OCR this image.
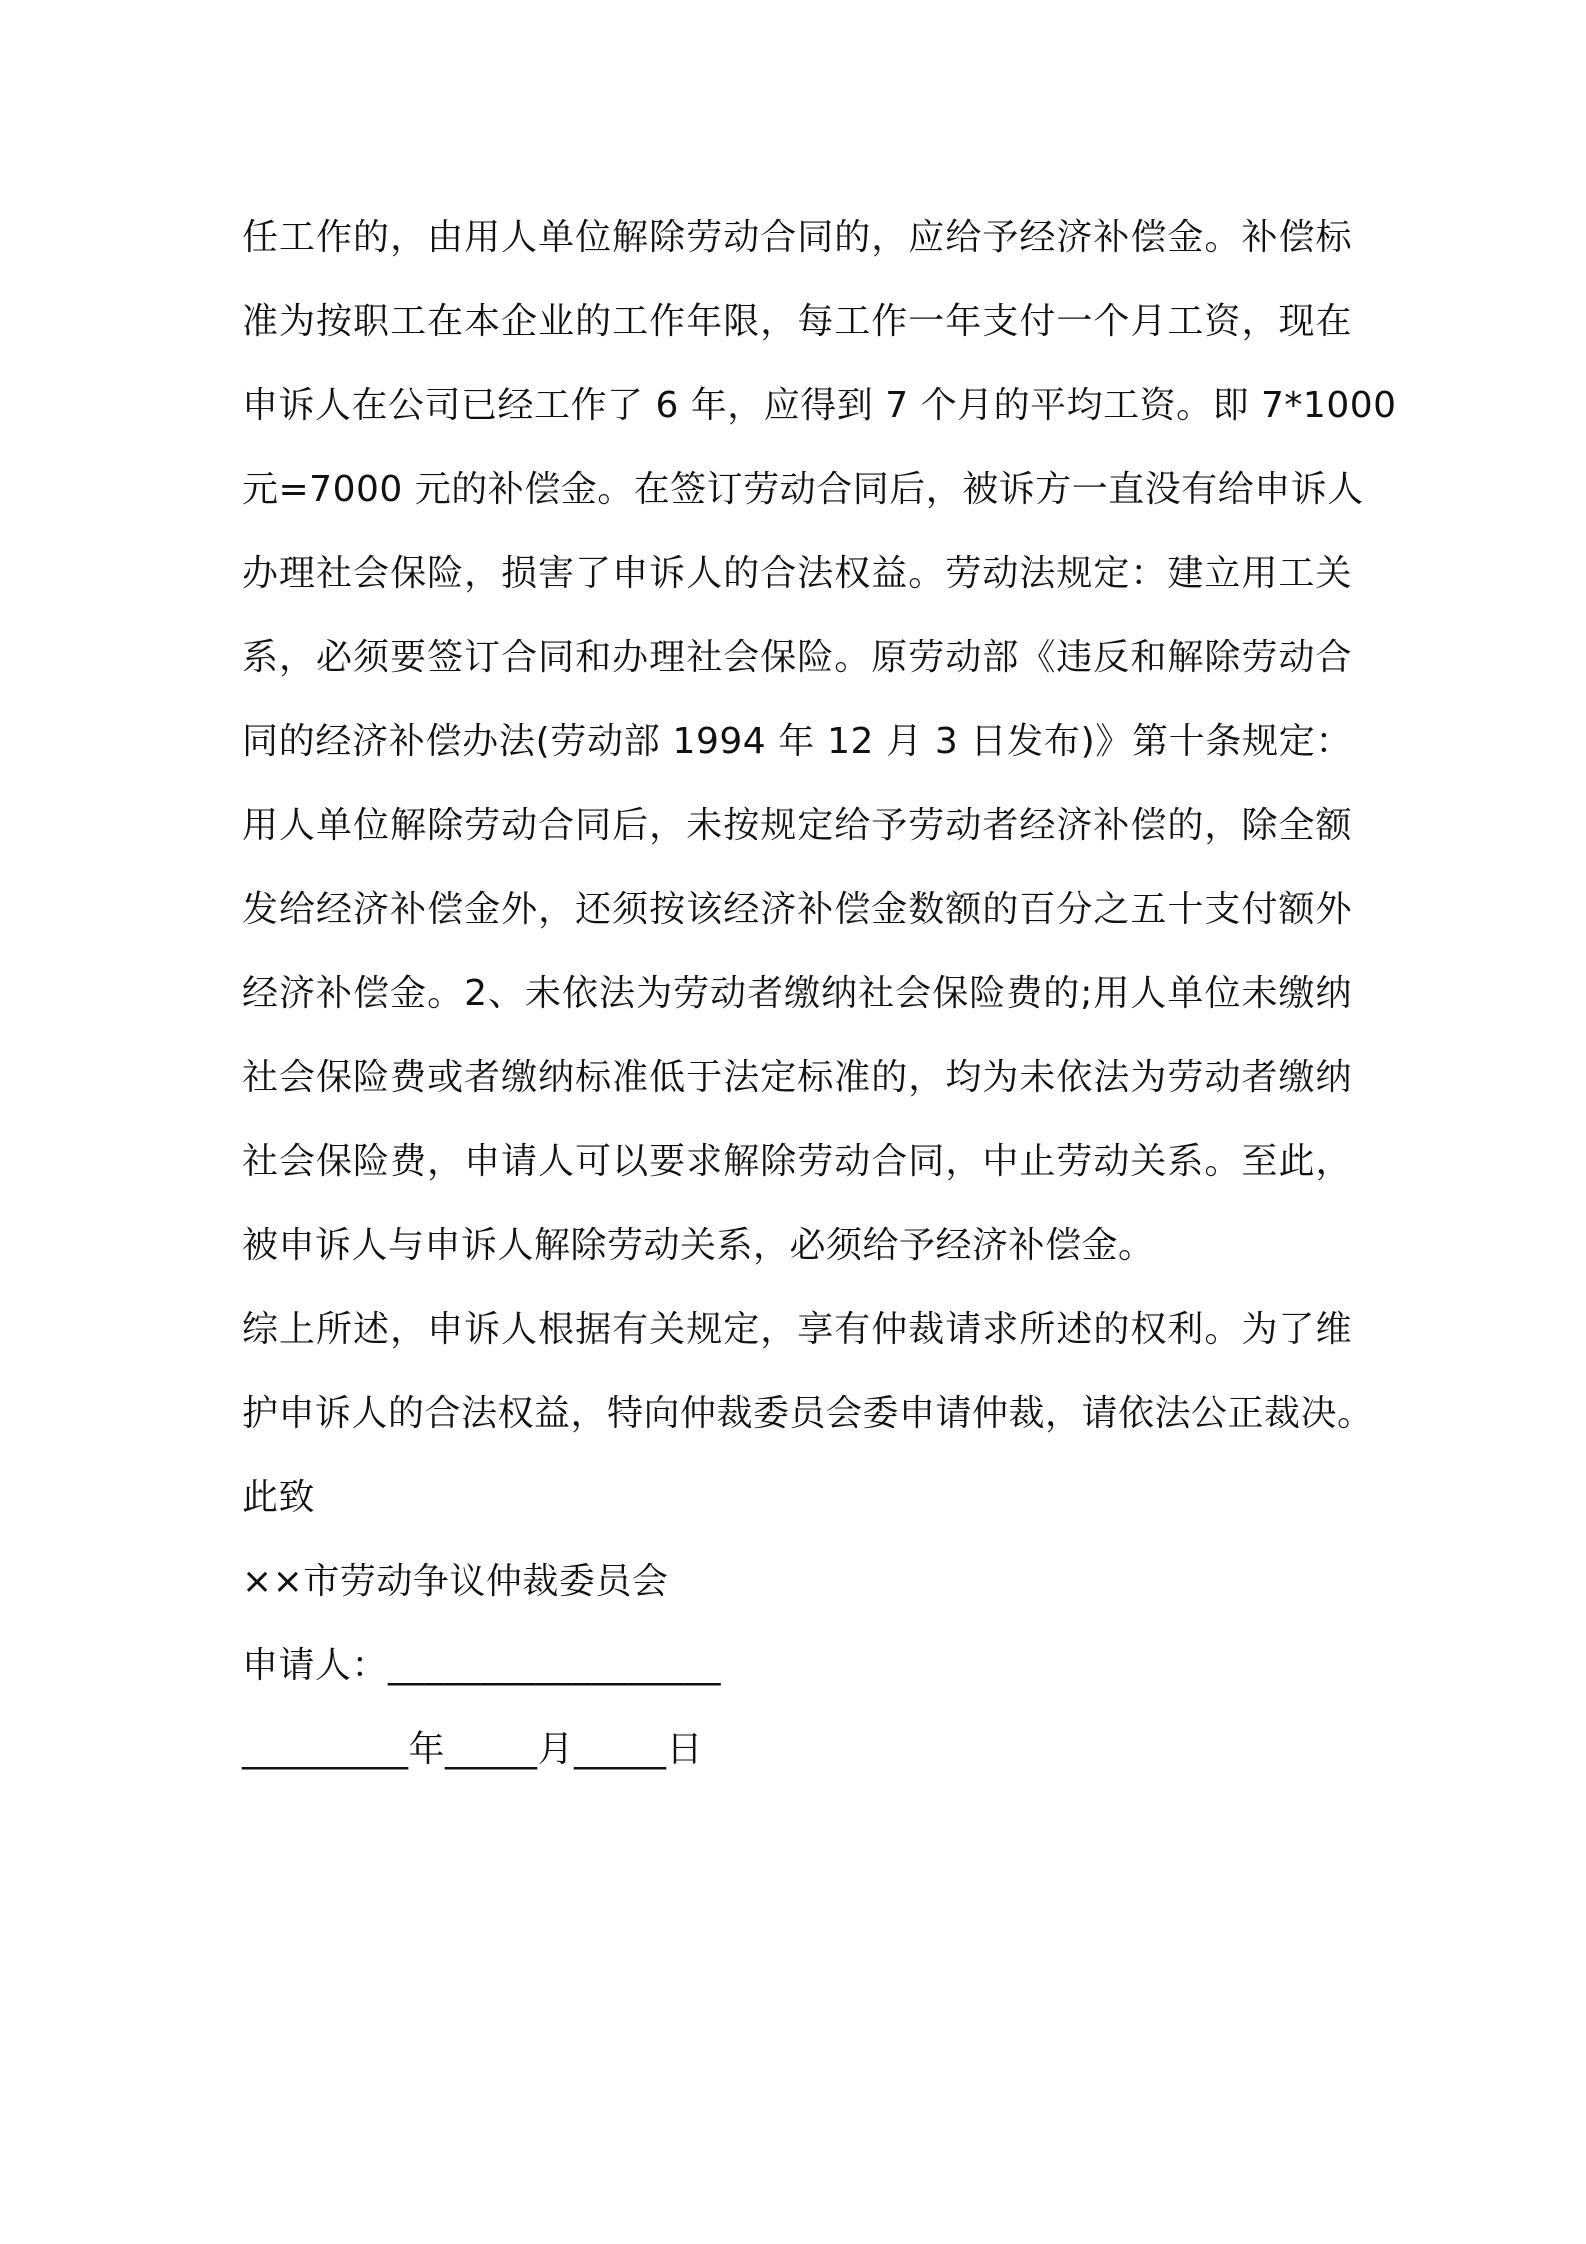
任工作的，由用人单位解除劳动合同的，应给予经济补偿金。补偿标
准为按职工在本企业的工作年限，每工作一年支付一个月工资，现在
申诉人在公司已经工作了 6 年，应得到 7 个月的平均工资。即 7*1000
元=7000 元的补偿金。在签订劳动合同后，被诉方一直没有给申诉人
办理社会保险，损害了申诉人的合法权益。劳动法规定：建立用工关
系，必须要签订合同和办理社会保险。原劳动部《违反和解除劳动合
同的经济补偿办法(劳动部 1994 年 12 月 3 日发布)》第十条规定：
用人单位解除劳动合同后，未按规定给予劳动者经济补偿的，除全额
发给经济补偿金外，还须按该经济补偿金数额的百分之五十支付额外
经济补偿金。2、未依法为劳动者缴纳社会保险费的;用人单位未缴纳
社会保险费或者缴纳标准低于法定标准的，均为未依法为劳动者缴纳
社会保险费，申请人可以要求解除劳动合同，中止劳动关系。至此，
被申诉人与申诉人解除劳动关系，必须给予经济补偿金。
综上所述，申诉人根据有关规定，享有仲裁请求所述的权利。为了维
护申诉人的合法权益，特向仲裁委员会委申请仲裁，请依法公正裁决。
此致
××市劳动争议仲裁委员会
申请人：__________________
_________年_____月_____日
